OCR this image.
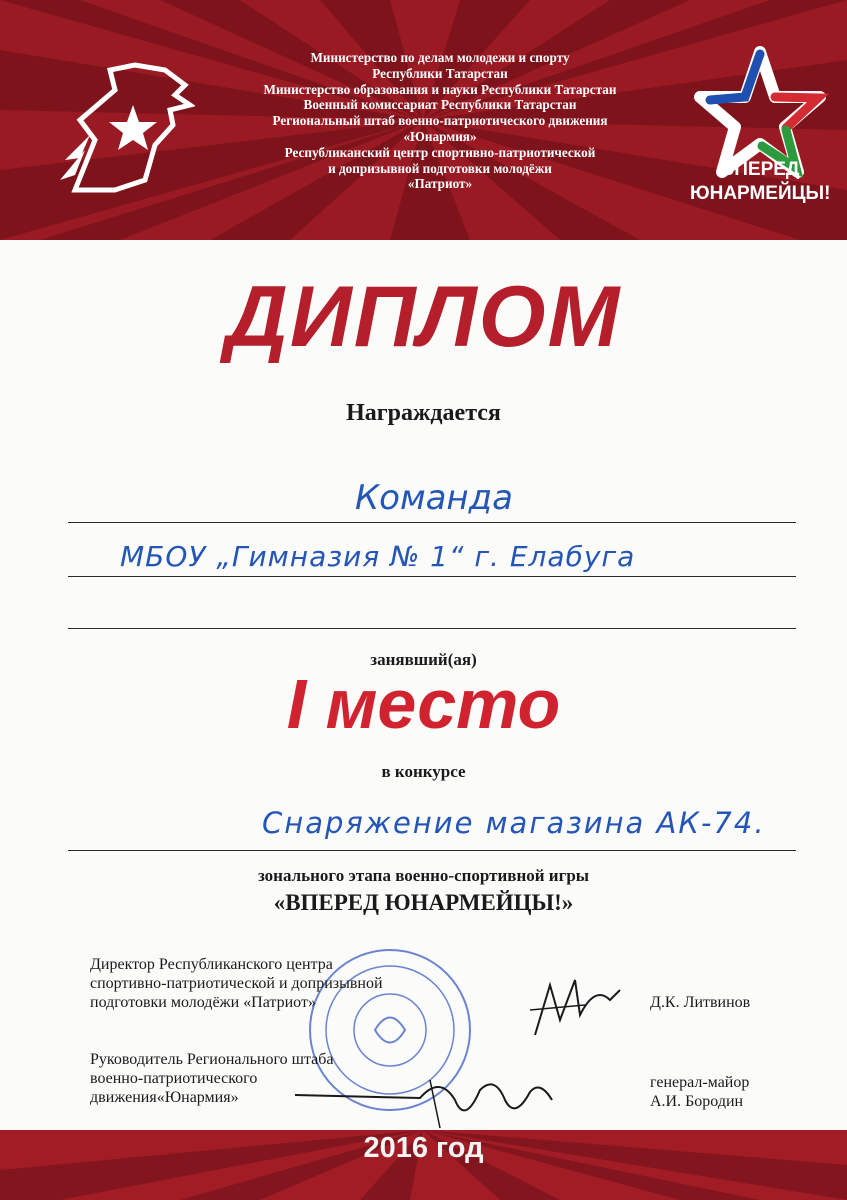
Министерство по делам молодежи и спорту
Республики Татарстан
Министерство образования и науки Республики Татарстан
Военный комиссариат Республики Татарстан
Региональный штаб военно-патриотического движения
«Юнармия»
Республиканский центр спортивно-патриотической
и допризывной подготовки молодёжи
«Патриот»
ВПЕРЕД
ЮНАРМЕЙЦЫ!
ДИПЛОМ
Награждается
Команда
МБОУ „Гимназия № 1“ г. Елабуга
занявший(ая)
I место
в конкурсе
Снаряжение магазина АК-74.
зонального этапа военно-спортивной игры
«ВПЕРЕД ЮНАРМЕЙЦЫ!»
Директор Республиканского центра
спортивно-патриотической и допризывной
подготовки молодёжи «Патриот»	Д.К. Литвинов
Руководитель Регионального штаба
военно-патриотического
движения«Юнармия»
генерал-майор
А.И. Бородин
2016 год
